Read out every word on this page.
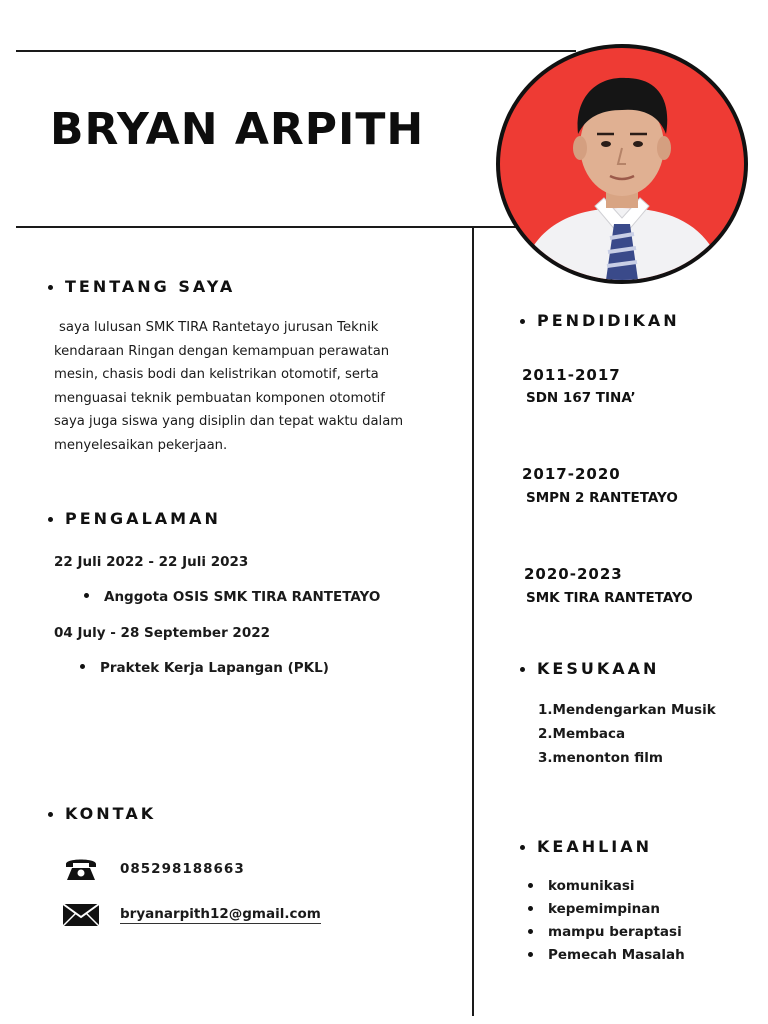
BRYAN ARPITH
TENTANG SAYA

saya lulusan SMK TIRA Rantetayo jurusan Teknik

kendaraan Ringan dengan kemampuan perawatan

mesin, chasis bodi dan kelistrikan otomotif, serta

menguasai teknik pembuatan komponen otomotif

saya juga siswa yang disiplin dan tepat waktu dalam

menyelesaikan pekerjaan.

PENGALAMAN
22 Juli 2022 - 22 Juli 2023
Anggota OSIS SMK TIRA RANTETAYO
04 July - 28 September 2022
Praktek Kerja Lapangan (PKL)
KONTAK
085298188663
bryanarpith12@gmail.com
PENDIDIKAN
2011-2017
SDN 167 TINA’
2017-2020
SMPN 2 RANTETAYO
2020-2023
SMK TIRA RANTETAYO
KESUKAAN
1.Mendengarkan Musik
2.Membaca
3.menonton film
KEAHLIAN
komunikasi
kepemimpinan
mampu beraptasi
Pemecah Masalah
